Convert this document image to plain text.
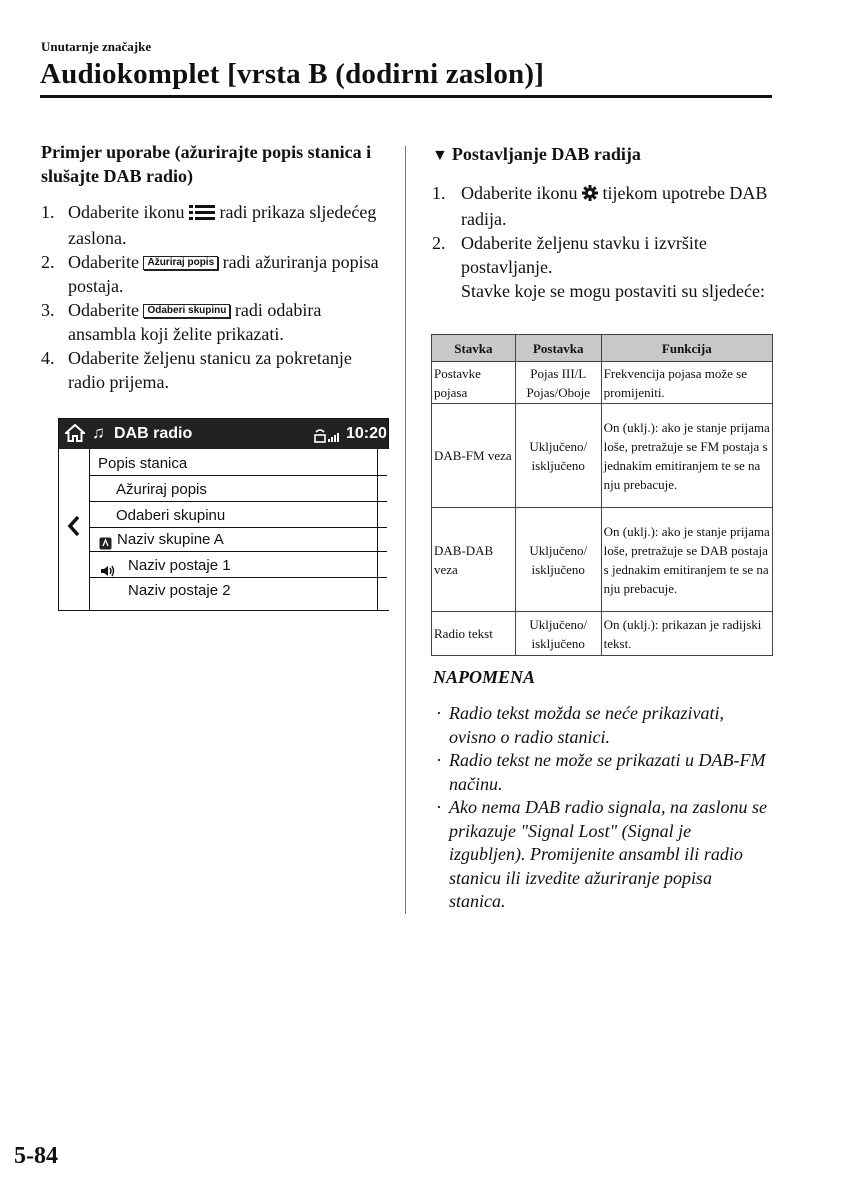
Unutarnje značajke
Audiokomplet [vrsta B (dodirni zaslon)]
Primjer uporabe (ažurirajte popis stanica i slušajte DAB radio)
1. Odaberite ikonu  radi prikaza sljedećeg zaslona.
2. Odaberite Ažuriraj popis radi ažuriranja popisa postaja.
3. Odaberite Odaberi skupinu radi odabira ansambla koji želite prikazati.
4. Odaberite željenu stanicu za pokretanje radio prijema.
♫ DAB radio	10:20
Popis stanica
Ažuriraj popis
Odaberi skupinu
Naziv skupine A
Naziv postaje 1
Naziv postaje 2
▼ Postavljanje DAB radija
1. Odaberite ikonu  tijekom upotrebe DAB radija.
2. Odaberite željenu stavku i izvršite postavljanje.
Stavke koje se mogu postaviti su sljedeće:
Stavka	Postavka	Funkcija
Postavke pojasa	Pojas III/L Pojas/Oboje	Frekvencija pojasa može se promijeniti.
DAB-FM veza	Uključeno/ isključeno	On (uklj.): ako je stanje prijama loše, pretražuje se FM postaja s jednakim emitiranjem te se na nju prebacuje.
DAB-DAB veza	Uključeno/ isključeno	On (uklj.): ako je stanje prijama loše, pretražuje se DAB postaja s jednakim emitiranjem te se na nju prebacuje.
Radio tekst	Uključeno/ isključeno	On (uklj.): prikazan je radijski tekst.
NAPOMENA
· Radio tekst možda se neće prikazivati, ovisno o radio stanici.
· Radio tekst ne može se prikazati u DAB-FM načinu.
· Ako nema DAB radio signala, na zaslonu se prikazuje "Signal Lost" (Signal je izgubljen). Promijenite ansambl ili radio stanicu ili izvedite ažuriranje popisa stanica.
5-84
